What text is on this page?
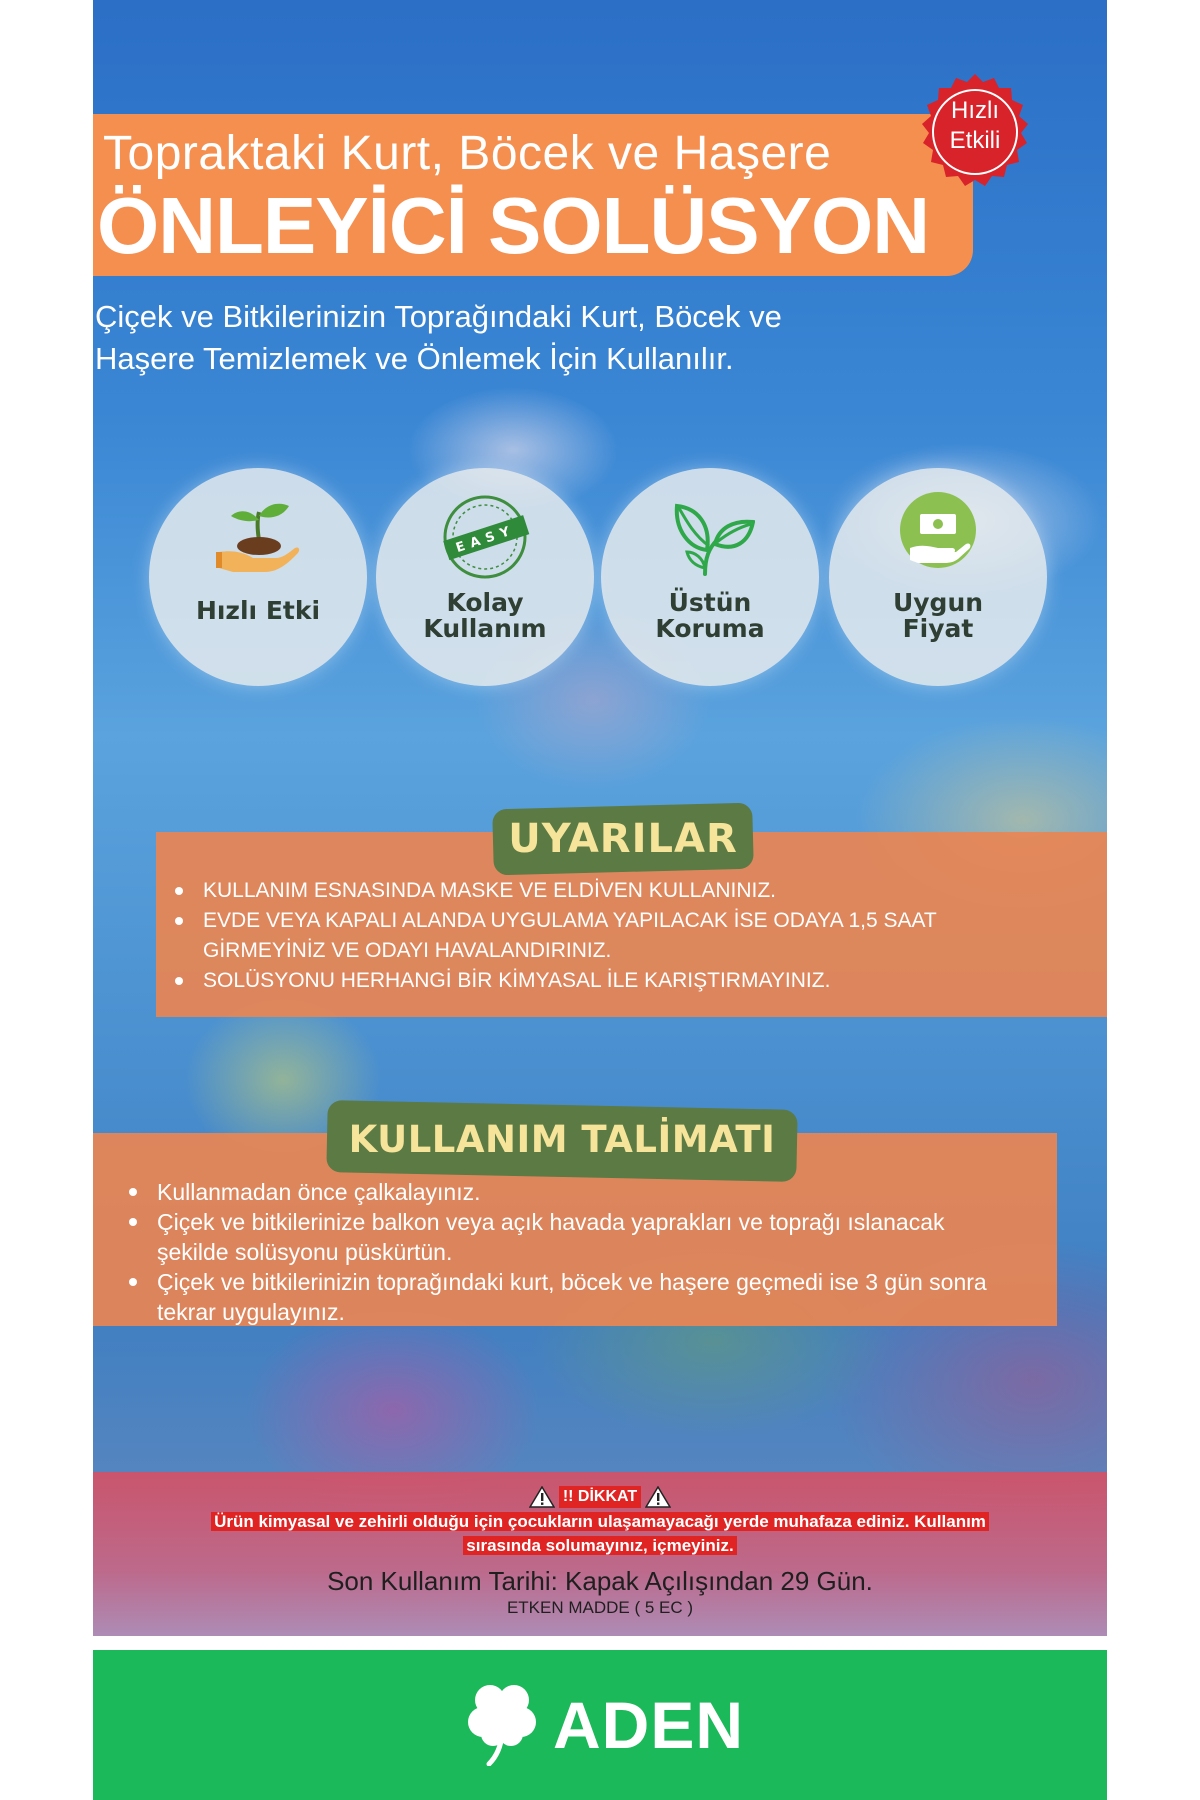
Topraktaki Kurt, Böcek ve Haşere
ÖNLEYİCİ SOLÜSYON
Hızlı
Etkili
Çiçek ve Bitkilerinizin Toprağındaki Kurt, Böcek ve
Haşere Temizlemek ve Önlemek İçin Kullanılır.
Hızlı Etki
EASY
Kolay
Kullanım
Üstün
Koruma
Uygun
Fiyat
UYARILAR
KULLANIM ESNASINDA MASKE VE ELDİVEN KULLANINIZ.
EVDE VEYA KAPALI ALANDA UYGULAMA YAPILACAK İSE ODAYA 1,5 SAAT GİRMEYİNİZ VE ODAYI HAVALANDIRINIZ.
SOLÜSYONU HERHANGİ BİR KİMYASAL İLE KARIŞTIRMAYINIZ.
KULLANIM TALİMATI
Kullanmadan önce çalkalayınız.
Çiçek ve bitkilerinize balkon veya açık havada yaprakları ve toprağı ıslanacak şekilde solüsyonu püskürtün.
Çiçek ve bitkilerinizin toprağındaki kurt, böcek ve haşere geçmedi ise 3 gün sonra tekrar uygulayınız.
!! DİKKAT
Ürün kimyasal ve zehirli olduğu için çocukların ulaşamayacağı yerde muhafaza ediniz. Kullanım
sırasında solumayınız, içmeyiniz.
Son Kullanım Tarihi: Kapak Açılışından 29 Gün.
ETKEN MADDE ( 5 EC )
ADEN
